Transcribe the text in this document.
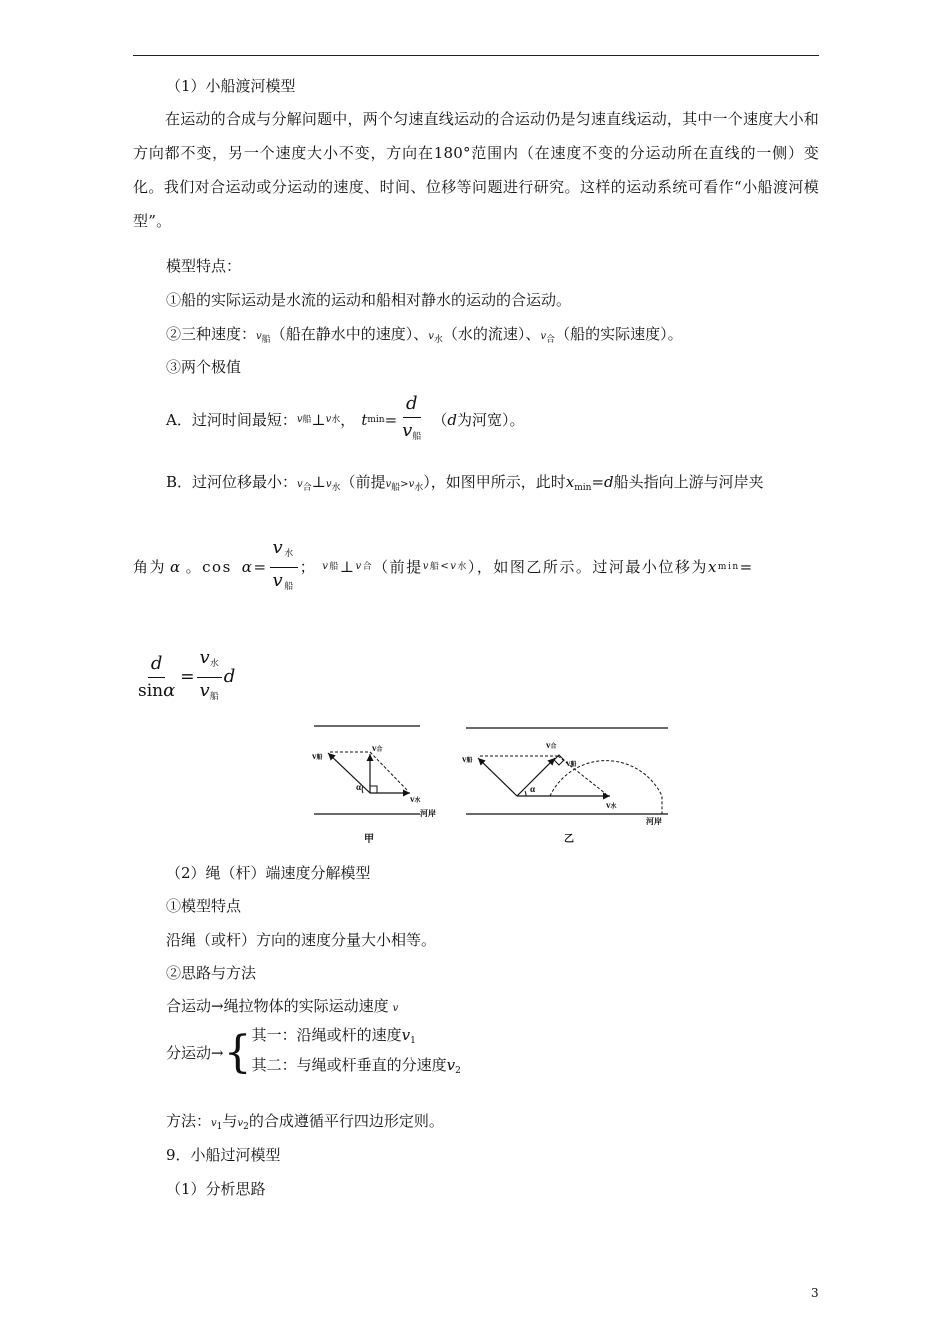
（1）小船渡河模型
在运动的合成与分解问题中，两个匀速直线运动的合运动仍是匀速直线运动，其中一个速度大小和方向都不变，另一个速度大小不变，方向在180°范围内（在速度不变的分运动所在直线的一侧）变化。我们对合运动或分运动的速度、时间、位移等问题进行研究。这样的运动系统可看作“小船渡河模型”。
模型特点：
①船的实际运动是水流的运动和船相对静水的运动的合运动。
②三种速度：$v_船$（船在静水中的速度）、$v_水$（水的流速）、$v_合$（船的实际速度）。
③两个极值
A．过河时间最短： v 船 ⊥ v 水 ， t $\min = \frac{d}{v_船}$ （ d 为河宽）。
B．过河位移最小：$v_合\perp v_水$（前提$v_船>v_水$），如图甲所示，此时$x_{min}=d$船头指向上游与河岸夹
角为 α 。$\cos \alpha = \frac{v_水}{v_船}$ ； v 船 ⊥ v 合 （前提 v 船 < v 水 ），如图乙所示。过河最小位移为 x min =
$\frac{d}{\sin\alpha} = \frac{v_水}{v_船}$ d
α
v船
v合
v水
河岸
甲
α
v船
v合
v船
v水
河岸
乙
（2）绳（杆）端速度分解模型
①模型特点
沿绳（或杆）方向的速度分量大小相等。
②思路与方法
合运动→绳拉物体的实际运动速度 v
分运动→ { 其一：沿绳或杆的速度$v_1$
其二：与绳或杆垂直的分速度$v_2$
方法：$v_1$与$v_2$的合成遵循平行四边形定则。
9．小船过河模型
（1）分析思路
3
